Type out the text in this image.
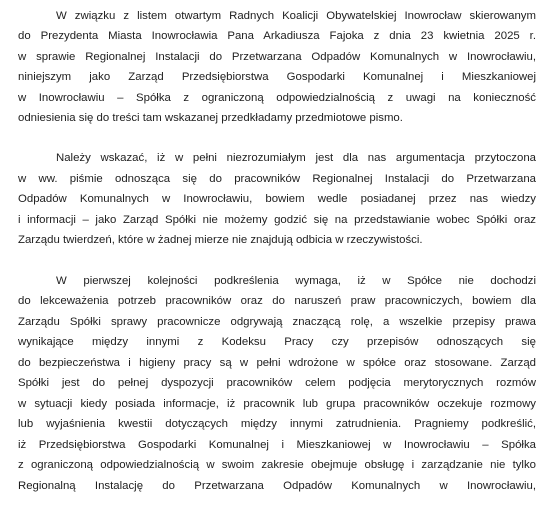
W związku z listem otwartym Radnych Koalicji Obywatelskiej Inowrocław skierowanym
do Prezydenta Miasta Inowrocławia Pana Arkadiusza Fajoka z dnia 23 kwietnia 2025 r.
w sprawie Regionalnej Instalacji do Przetwarzana Odpadów Komunalnych w Inowrocławiu,
niniejszym jako Zarząd Przedsiębiorstwa Gospodarki Komunalnej i Mieszkaniowej
w Inowrocławiu – Spółka z ograniczoną odpowiedzialnością z uwagi na konieczność
odniesienia się do treści tam wskazanej przedkładamy przedmiotowe pismo.
Należy wskazać, iż w pełni niezrozumiałym jest dla nas argumentacja przytoczona
w ww. piśmie odnosząca się do pracowników Regionalnej Instalacji do Przetwarzana
Odpadów Komunalnych w Inowrocławiu, bowiem wedle posiadanej przez nas wiedzy
i informacji – jako Zarząd Spółki nie możemy godzić się na przedstawianie wobec Spółki oraz
Zarządu twierdzeń, które w żadnej mierze nie znajdują odbicia w rzeczywistości.
W pierwszej kolejności podkreślenia wymaga, iż w Spółce nie dochodzi
do lekceważenia potrzeb pracowników oraz do naruszeń praw pracowniczych, bowiem dla
Zarządu Spółki sprawy pracownicze odgrywają znaczącą rolę, a wszelkie przepisy prawa
wynikające między innymi z Kodeksu Pracy czy przepisów odnoszących się
do bezpieczeństwa i higieny pracy są w pełni wdrożone w spółce oraz stosowane. Zarząd
Spółki jest do pełnej dyspozycji pracowników celem podjęcia merytorycznych rozmów
w sytuacji kiedy posiada informacje, iż pracownik lub grupa pracowników oczekuje rozmowy
lub wyjaśnienia kwestii dotyczących między innymi zatrudnienia. Pragniemy podkreślić,
iż Przedsiębiorstwa Gospodarki Komunalnej i Mieszkaniowej w Inowrocławiu – Spółka
z ograniczoną odpowiedzialnością w swoim zakresie obejmuje obsługę i zarządzanie nie tylko
Regionalną Instalację do Przetwarzana Odpadów Komunalnych w Inowrocławiu,
